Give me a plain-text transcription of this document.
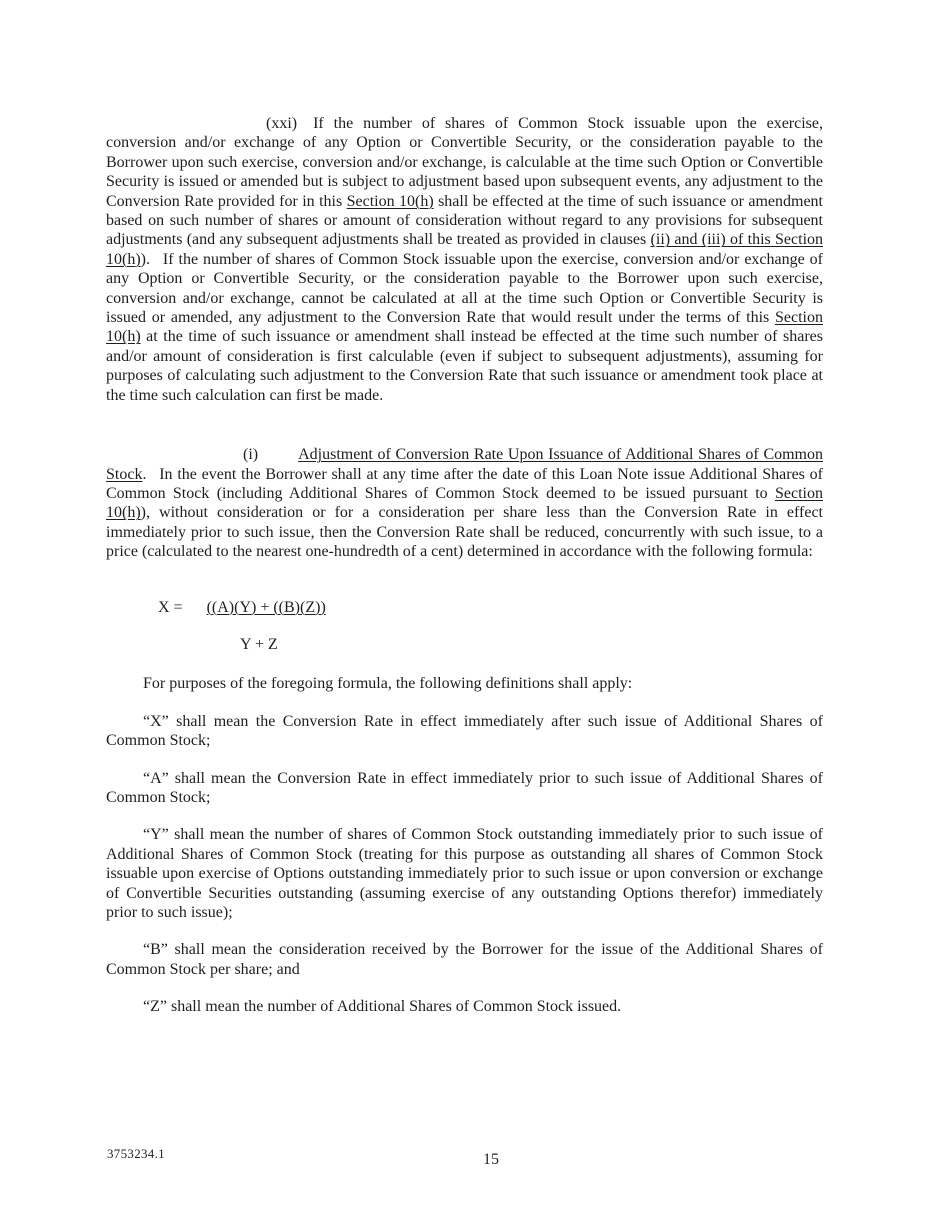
(xxi)  If the number of shares of Common Stock issuable upon the exercise, conversion and/or exchange of any Option or Convertible Security, or the consideration payable to the Borrower upon such exercise, conversion and/or exchange, is calculable at the time such Option or Convertible Security is issued or amended but is subject to adjustment based upon subsequent events, any adjustment to the Conversion Rate provided for in this Section 10(h) shall be effected at the time of such issuance or amendment based on such number of shares or amount of consideration without regard to any provisions for subsequent adjustments (and any subsequent adjustments shall be treated as provided in clauses (ii) and (iii) of this Section 10(h)).  If the number of shares of Common Stock issuable upon the exercise, conversion and/or exchange of any Option or Convertible Security, or the consideration payable to the Borrower upon such exercise, conversion and/or exchange, cannot be calculated at all at the time such Option or Convertible Security is issued or amended, any adjustment to the Conversion Rate that would result under the terms of this Section 10(h) at the time of such issuance or amendment shall instead be effected at the time such number of shares and/or amount of consideration is first calculable (even if subject to subsequent adjustments), assuming for purposes of calculating such adjustment to the Conversion Rate that such issuance or amendment took place at the time such calculation can first be made.

(i)   Adjustment of Conversion Rate Upon Issuance of Additional Shares of Common Stock.  In the event the Borrower shall at any time after the date of this Loan Note issue Additional Shares of Common Stock (including Additional Shares of Common Stock deemed to be issued pursuant to Section 10(h)), without consideration or for a consideration per share less than the Conversion Rate in effect immediately prior to such issue, then the Conversion Rate shall be reduced, concurrently with such issue, to a price (calculated to the nearest one-hundredth of a cent) determined in accordance with the following formula:

X = ((A)(Y) + ((B)(Z))
Y + Z

For purposes of the foregoing formula, the following definitions shall apply:

“X” shall mean the Conversion Rate in effect immediately after such issue of Additional Shares of Common Stock;

“A” shall mean the Conversion Rate in effect immediately prior to such issue of Additional Shares of Common Stock;

“Y” shall mean the number of shares of Common Stock outstanding immediately prior to such issue of Additional Shares of Common Stock (treating for this purpose as outstanding all shares of Common Stock issuable upon exercise of Options outstanding immediately prior to such issue or upon conversion or exchange of Convertible Securities outstanding (assuming exercise of any outstanding Options therefor) immediately prior to such issue);

“B” shall mean the consideration received by the Borrower for the issue of the Additional Shares of Common Stock per share; and

“Z” shall mean the number of Additional Shares of Common Stock issued.

3753234.1	15
